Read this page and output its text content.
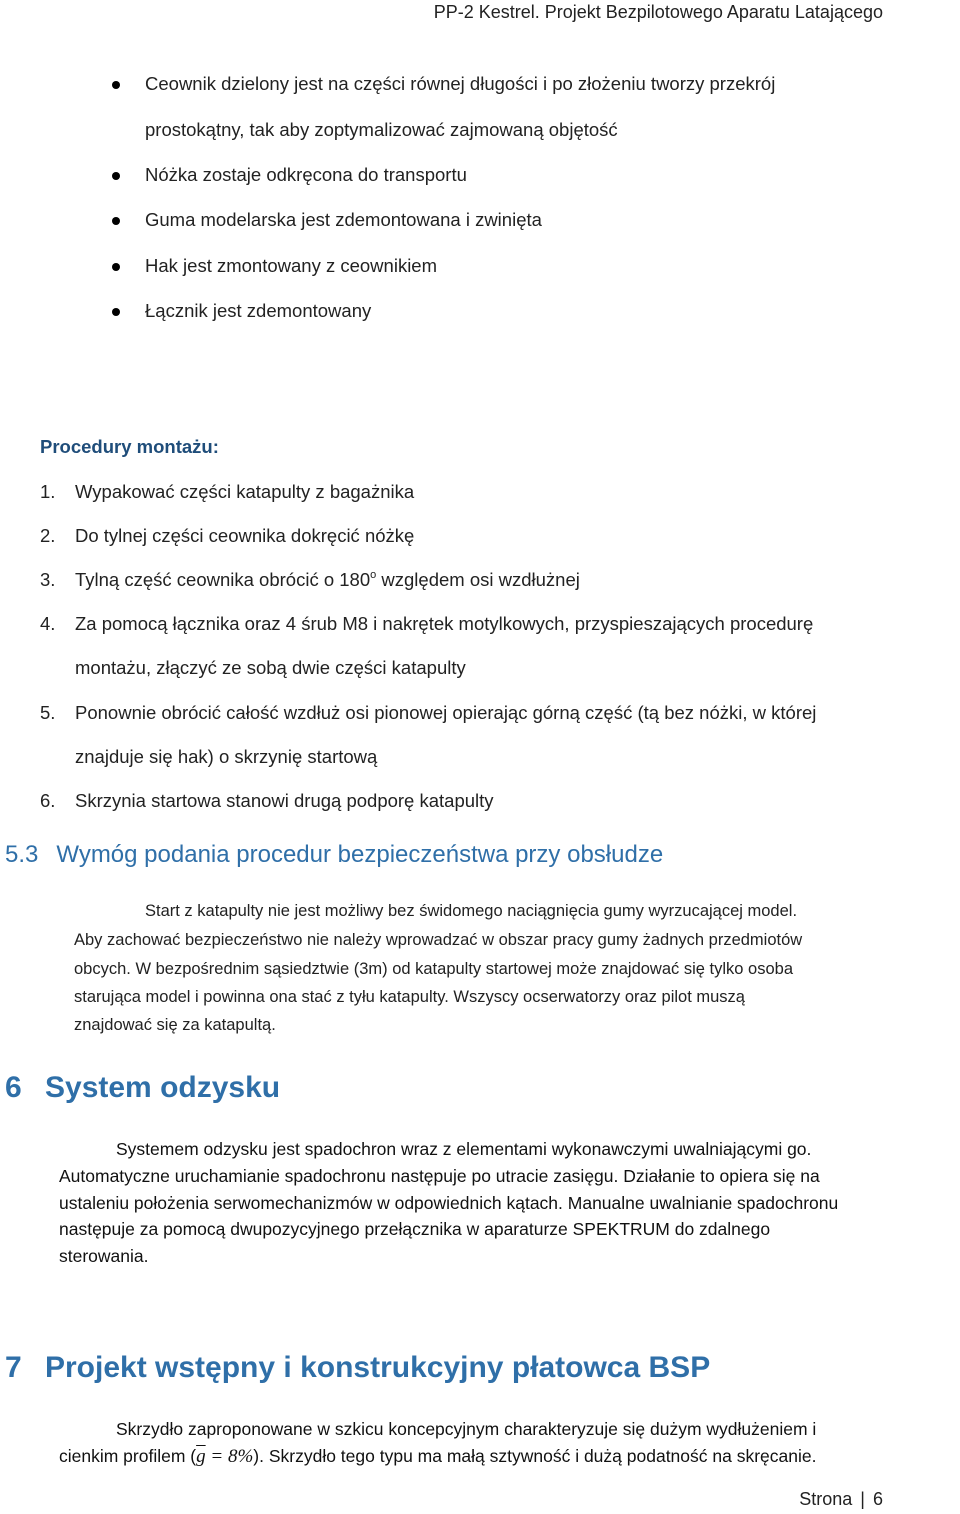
PP-2 Kestrel. Projekt Bezpilotowego Aparatu Latającego
Ceownik dzielony jest na części równej długości i po złożeniu tworzy przekrój
prostokątny, tak aby zoptymalizować zajmowaną objętość
Nóżka zostaje odkręcona do transportu
Guma modelarska jest zdemontowana i zwinięta
Hak jest zmontowany z ceownikiem
Łącznik jest zdemontowany
Procedury montażu:
1. Wypakować części katapulty z bagażnika
2. Do tylnej części ceownika dokręcić nóżkę
3. Tylną część ceownika obrócić o 180$^o$ względem osi wzdłużnej
4. Za pomocą łącznika oraz 4 śrub M8 i nakrętek motylkowych, przyspieszających procedurę
montażu, złączyć ze sobą dwie części katapulty
5. Ponownie obrócić całość wzdłuż osi pionowej opierając górną część (tą bez nóżki, w której
znajduje się hak) o skrzynię startową
6. Skrzynia startowa stanowi drugą podporę katapulty
5.3 Wymóg podania procedur bezpieczeństwa przy obsłudze
Start z katapulty nie jest możliwy bez świdomego naciągnięcia gumy wyrzucającej model.
Aby zachować bezpieczeństwo nie należy wprowadzać w obszar pracy gumy żadnych przedmiotów
obcych. W bezpośrednim sąsiedztwie (3m) od katapulty startowej może znajdować się tylko osoba
starująca model i powinna ona stać z tyłu katapulty. Wszyscy ocserwatorzy oraz pilot muszą
znajdować się za katapultą.
6 System odzysku
Systemem odzysku jest spadochron wraz z elementami wykonawczymi uwalniającymi go.
Automatyczne uruchamianie spadochronu następuje po utracie zasięgu. Działanie to opiera się na
ustaleniu położenia serwomechanizmów w odpowiednich kątach. Manualne uwalnianie spadochronu
następuje za pomocą dwupozycyjnego przełącznika w aparaturze SPEKTRUM do zdalnego
sterowania.
7 Projekt wstępny i konstrukcyjny płatowca BSP
Skrzydło zaproponowane w szkicu koncepcyjnym charakteryzuje się dużym wydłużeniem i
cienkim profilem $(\overline{g} = 8\%)$. Skrzydło tego typu ma małą sztywność i dużą podatność na skręcanie.
Strona | 6
